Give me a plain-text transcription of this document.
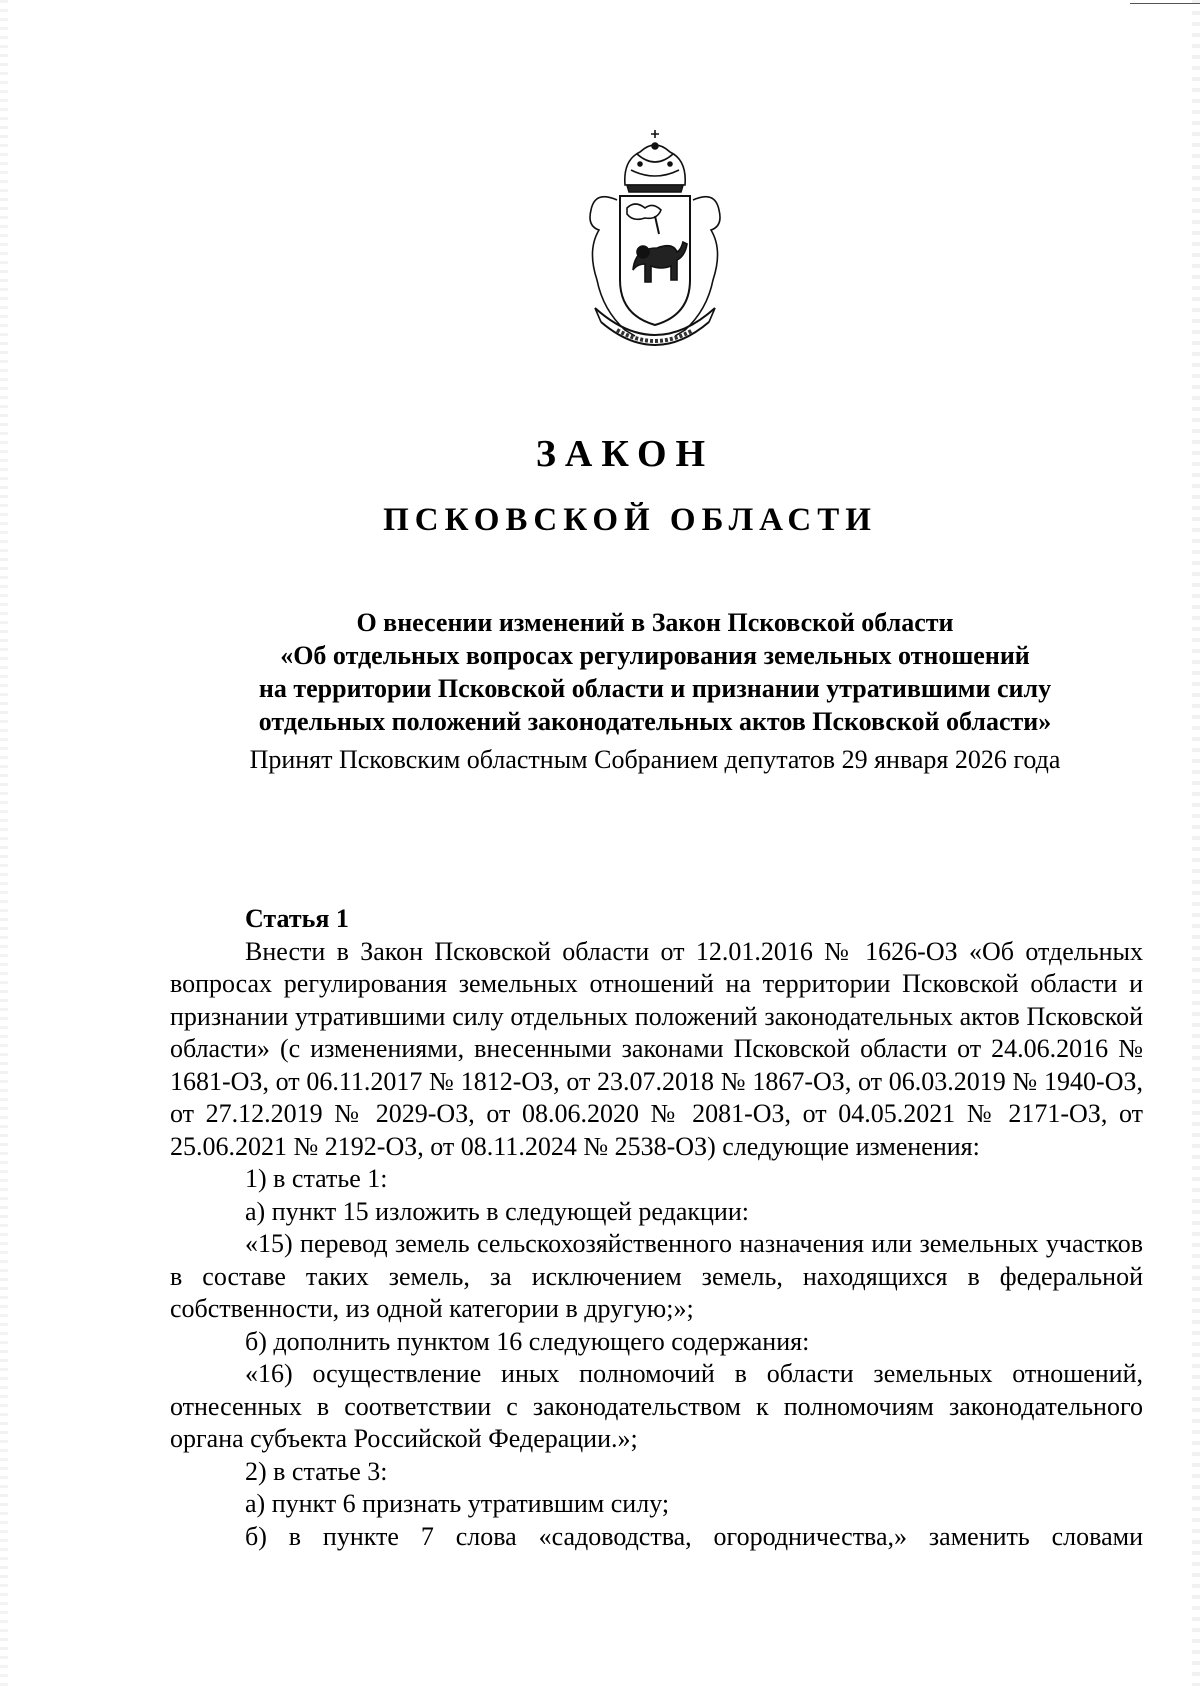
ЗАКОН
ПСКОВСКОЙ ОБЛАСТИ
О внесении изменений в Закон Псковской области
«Об отдельных вопросах регулирования земельных отношений
на территории Псковской области и признании утратившими силу
отдельных положений законодательных актов Псковской области»
Принят Псковским областным Собранием депутатов 29 января 2026 года

Статья 1

Внести в Закон Псковской области от 12.01.2016 № 1626-ОЗ «Об отдельных вопросах регулирования земельных отношений на территории Псковской области и признании утратившими силу отдельных положений законодательных актов Псковской области» (с изменениями, внесенными законами Псковской области от 24.06.2016 № 1681-ОЗ, от 06.11.2017 № 1812-ОЗ, от 23.07.2018 № 1867-ОЗ, от 06.03.2019 № 1940-ОЗ, от 27.12.2019 № 2029-ОЗ, от 08.06.2020 № 2081-ОЗ, от 04.05.2021 № 2171-ОЗ, от 25.06.2021 № 2192-ОЗ, от 08.11.2024 № 2538-ОЗ) следующие изменения:

1) в статье 1:

а) пункт 15 изложить в следующей редакции:

«15) перевод земель сельскохозяйственного назначения или земельных участков в составе таких земель, за исключением земель, находящихся в федеральной собственности, из одной категории в другую;»;

б) дополнить пунктом 16 следующего содержания:

«16) осуществление иных полномочий в области земельных отношений, отнесенных в соответствии с законодательством к полномочиям законодательного органа субъекта Российской Федерации.»;

2) в статье 3:

а) пункт 6 признать утратившим силу;

б) в пункте 7 слова «садоводства, огородничества,» заменить словами
